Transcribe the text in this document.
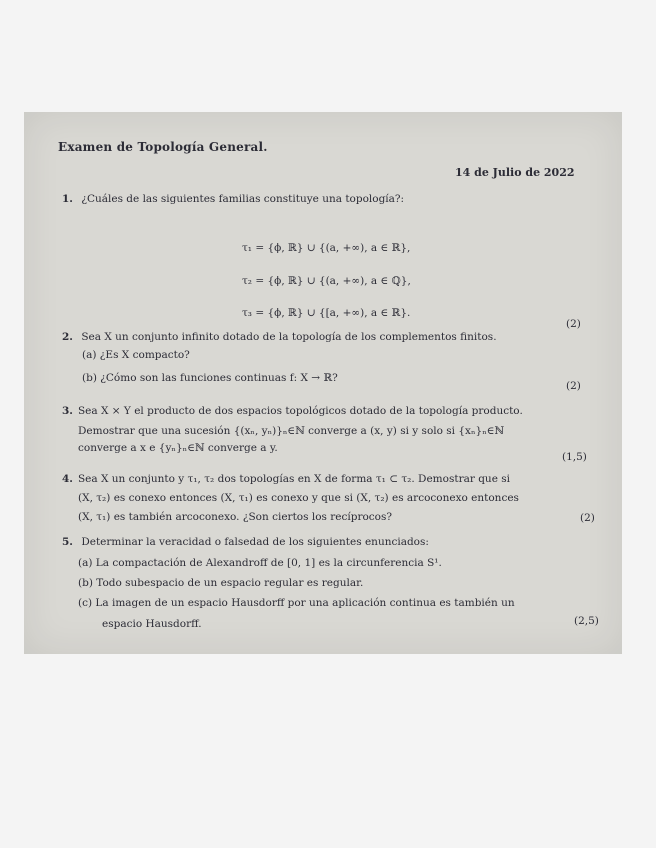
Examen de Topología General.
14 de Julio de 2022
1. ¿Cuáles de las siguientes familias constituye una topología?:
τ₁ = {ϕ, ℝ} ∪ {(a, +∞), a ∈ ℝ},
τ₂ = {ϕ, ℝ} ∪ {(a, +∞), a ∈ ℚ},
τ₃ = {ϕ, ℝ} ∪ {[a, +∞), a ∈ ℝ}.
(2)
2. Sea X un conjunto infinito dotado de la topología de los complementos finitos.
(a) ¿Es X compacto?
(b) ¿Cómo son las funciones continuas f: X → ℝ?
(2)
3. Sea X × Y el producto de dos espacios topológicos dotado de la topología producto.
Demostrar que una sucesión {(xₙ, yₙ)}ₙ∈ℕ converge a (x, y) si y solo si {xₙ}ₙ∈ℕ
converge a x e {yₙ}ₙ∈ℕ converge a y.
(1,5)
4. Sea X un conjunto y τ₁, τ₂ dos topologías en X de forma τ₁ ⊂ τ₂. Demostrar que si
(X, τ₂) es conexo entonces (X, τ₁) es conexo y que si (X, τ₂) es arcoconexo entonces
(X, τ₁) es también arcoconexo. ¿Son ciertos los recíprocos?	(2)
5. Determinar la veracidad o falsedad de los siguientes enunciados:
(a) La compactación de Alexandroff de [0, 1] es la circunferencia S¹.
(b) Todo subespacio de un espacio regular es regular.
(c) La imagen de un espacio Hausdorff por una aplicación continua es también un
espacio Hausdorff.	(2,5)
